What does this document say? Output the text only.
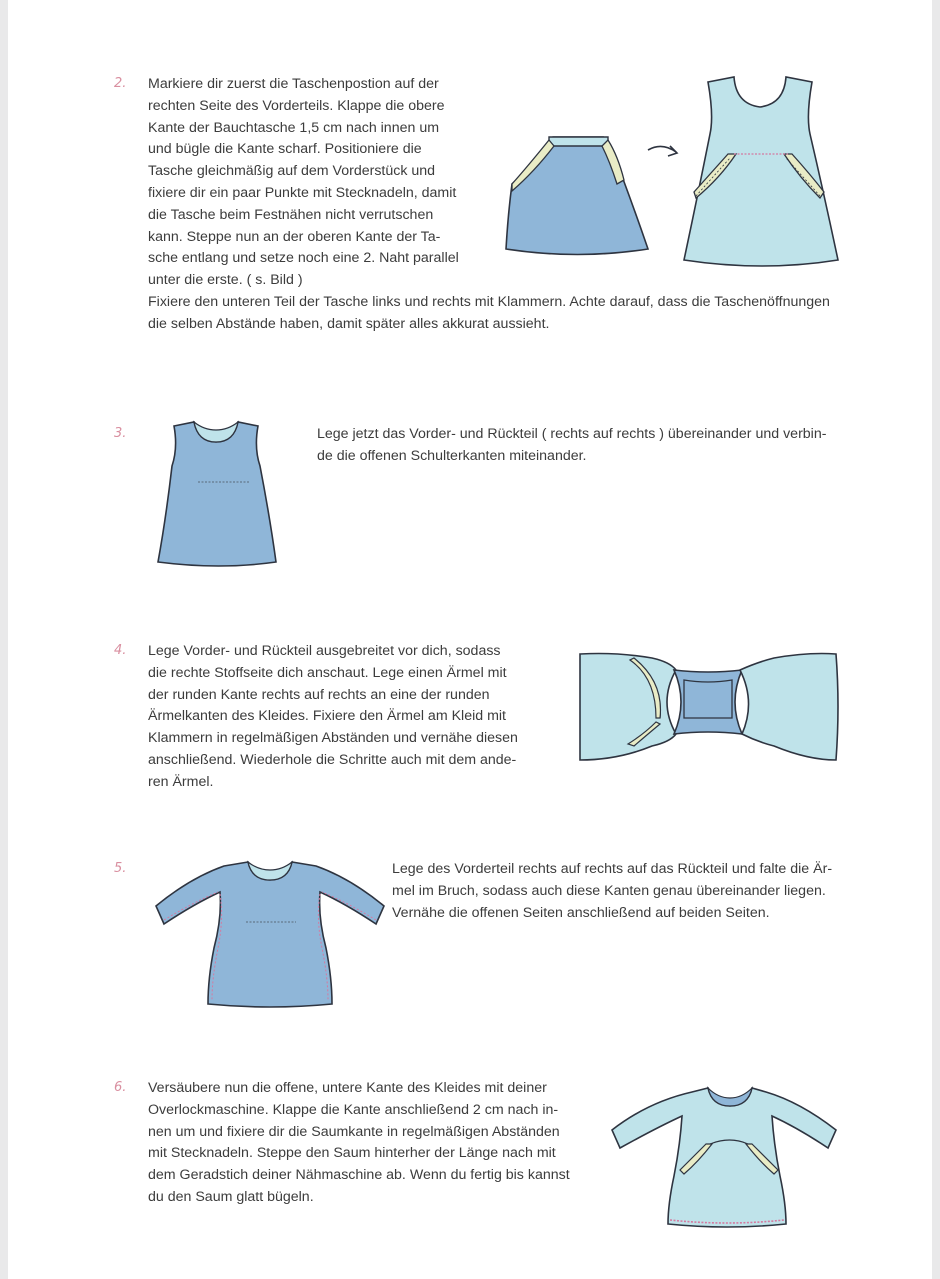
2. Markiere dir zuerst die Taschenpostion auf der
rechten Seite des Vorderteils. Klappe die obere
Kante der Bauchtasche 1,5 cm nach innen um
und bügle die Kante scharf. Positioniere die
Tasche gleichmäßig auf dem Vorderstück und
fixiere dir ein paar Punkte mit Stecknadeln, damit
die Tasche beim Festnähen nicht verrutschen
kann. Steppe nun an der oberen Kante der Ta-
sche entlang und setze noch eine 2. Naht parallel
unter die erste. ( s. Bild )
Fixiere den unteren Teil der Tasche links und rechts mit Klammern. Achte darauf, dass die Taschenöffnungen
die selben Abstände haben, damit später alles akkurat aussieht.
3.	Lege jetzt das Vorder- und Rückteil ( rechts auf rechts ) übereinander und verbin-
de die offenen Schulterkanten miteinander.
4. Lege Vorder- und Rückteil ausgebreitet vor dich, sodass
die rechte Stoffseite dich anschaut. Lege einen Ärmel mit
der runden Kante rechts auf rechts an eine der runden
Ärmelkanten des Kleides. Fixiere den Ärmel am Kleid mit
Klammern in regelmäßigen Abständen und vernähe diesen
anschließend. Wiederhole die Schritte auch mit dem ande-
ren Ärmel.
5.	Lege des Vorderteil rechts auf rechts auf das Rückteil und falte die Är-
mel im Bruch, sodass auch diese Kanten genau übereinander liegen.
Vernähe die offenen Seiten anschließend auf beiden Seiten.
6. Versäubere nun die offene, untere Kante des Kleides mit deiner
Overlockmaschine. Klappe die Kante anschließend 2 cm nach in-
nen um und fixiere dir die Saumkante in regelmäßigen Abständen
mit Stecknadeln. Steppe den Saum hinterher der Länge nach mit
dem Geradstich deiner Nähmaschine ab. Wenn du fertig bis kannst
du den Saum glatt bügeln.
